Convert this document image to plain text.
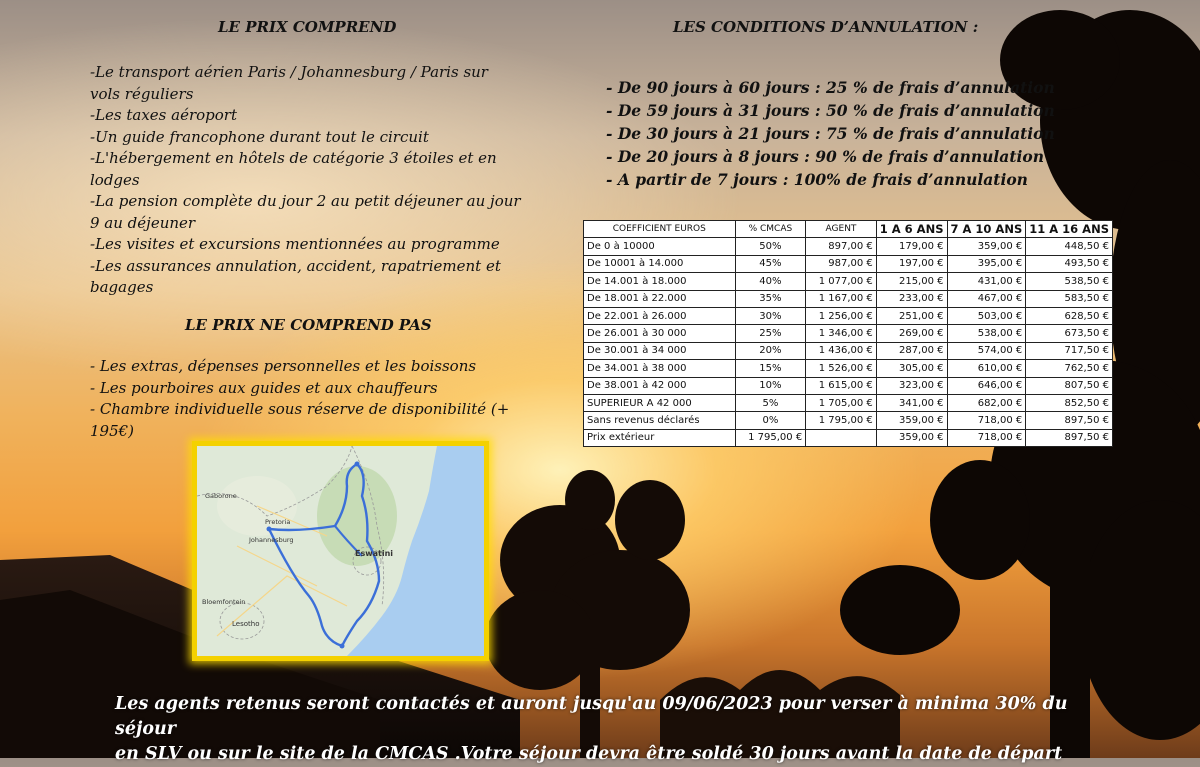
LE PRIX COMPREND
-Le transport aérien Paris / Johannesburg / Paris sur vols réguliers
-Les taxes aéroport
-Un guide francophone durant tout le circuit
-L'hébergement en hôtels de catégorie 3 étoiles et en lodges
-La pension complète du jour 2 au petit déjeuner au jour 9 au déjeuner
-Les visites et excursions mentionnées au programme
-Les assurances annulation, accident, rapatriement et bagages
LE PRIX NE COMPREND PAS
- Les extras, dépenses personnelles et les boissons
- Les pourboires aux guides et aux chauffeurs
- Chambre individuelle sous réserve de disponibilité (+ 195€)
LES CONDITIONS D’ANNULATION :
- De 90 jours à 60 jours : 25 % de frais d’annulation
- De 59 jours à 31 jours : 50 % de frais d’annulation
- De 30 jours à 21 jours : 75 % de frais d’annulation
- De 20 jours à 8 jours : 90 % de frais d’annulation
- A partir de 7 jours : 100% de frais d’annulation
COEFFICIENT EUROS	% CMCAS	AGENT	1 A 6 ANS	7 A 10 ANS	11 A 16 ANS
De 0 à 10000	50%	897,00 €	179,00 €	359,00 €	448,50 €
De 10001 à 14.000	45%	987,00 €	197,00 €	395,00 €	493,50 €
De 14.001 à 18.000	40%	1 077,00 €	215,00 €	431,00 €	538,50 €
De 18.001 à 22.000	35%	1 167,00 €	233,00 €	467,00 €	583,50 €
De 22.001 à 26.000	30%	1 256,00 €	251,00 €	503,00 €	628,50 €
De 26.001 à 30 000	25%	1 346,00 €	269,00 €	538,00 €	673,50 €
De 30.001 à 34 000	20%	1 436,00 €	287,00 €	574,00 €	717,50 €
De 34.001 à 38 000	15%	1 526,00 €	305,00 €	610,00 €	762,50 €
De 38.001 à 42 000	10%	1 615,00 €	323,00 €	646,00 €	807,50 €
SUPERIEUR A 42 000	5%	1 705,00 €	341,00 €	682,00 €	852,50 €
Sans revenus déclarés	0%	1 795,00 €	359,00 €	718,00 €	897,50 €
Prix extérieur	1 795,00 €		359,00 €	718,00 €	897,50 €
Gaborone
Pretoria
Johannesburg
Eswatini
Bloemfontein
Lesotho

Les agents retenus seront contactés et auront jusqu'au 09/06/2023 pour verser à minima 30% du séjour
en SLV ou sur le site de la CMCAS .Votre séjour devra être soldé 30 jours avant la date de départ
